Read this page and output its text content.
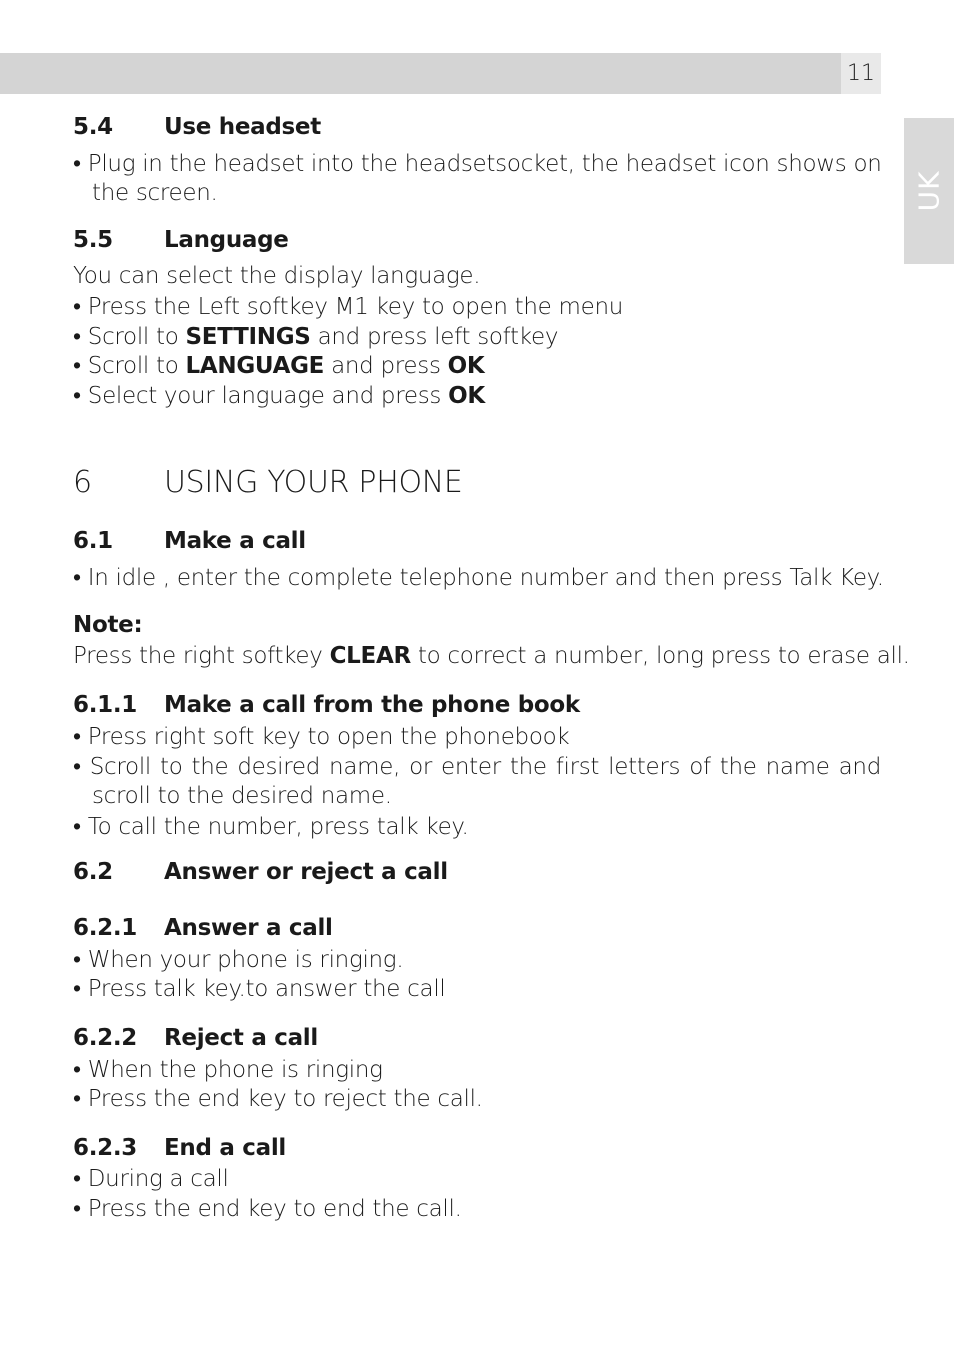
11
UK
5.4 Use headset
• Plug in the headset into the headsetsocket, the headset icon shows on
the screen.
5.5 Language
You can select the display language.
• Press the Left softkey M1 key to open the menu
• Scroll to SETTINGS and press left softkey
• Scroll to LANGUAGE and press OK
• Select your language and press OK
6 USING YOUR PHONE
6.1 Make a call
• In idle , enter the complete telephone number and then press Talk Key.
Note:
Press the right softkey CLEAR to correct a number, long press to erase all.
6.1.1 Make a call from the phone book
• Press right soft key to open the phonebook
• Scroll to the desired name, or enter the first letters of the name and
scroll to the desired name.
• To call the number, press talk key.
6.2 Answer or reject a call
6.2.1 Answer a call
• When your phone is ringing.
• Press talk key.to answer the call
6.2.2 Reject a call
• When the phone is ringing
• Press the end key to reject the call.
6.2.3 End a call
• During a call
• Press the end key to end the call.
